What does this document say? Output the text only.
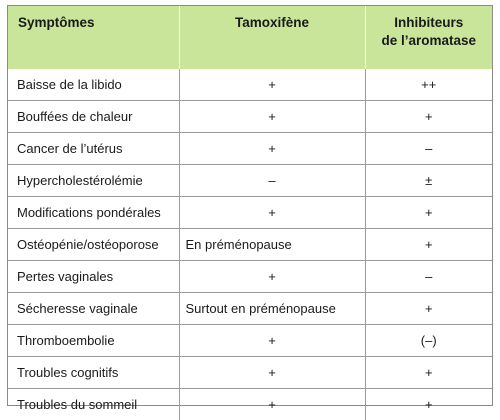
Symptômes	Tamoxifène	Inhibiteurs
de l’aromatase
Baisse de la libido	+	++
Bouffées de chaleur	+	+
Cancer de l’utérus	+	–
Hypercholestérolémie	–	±
Modifications pondérales	+	+
Ostéopénie/ostéoporose	En préménopause	+
Pertes vaginales	+	–
Sécheresse vaginale	Surtout en préménopause	+
Thromboembolie	+	(–)
Troubles cognitifs	+	+
Troubles du sommeil	+	+
